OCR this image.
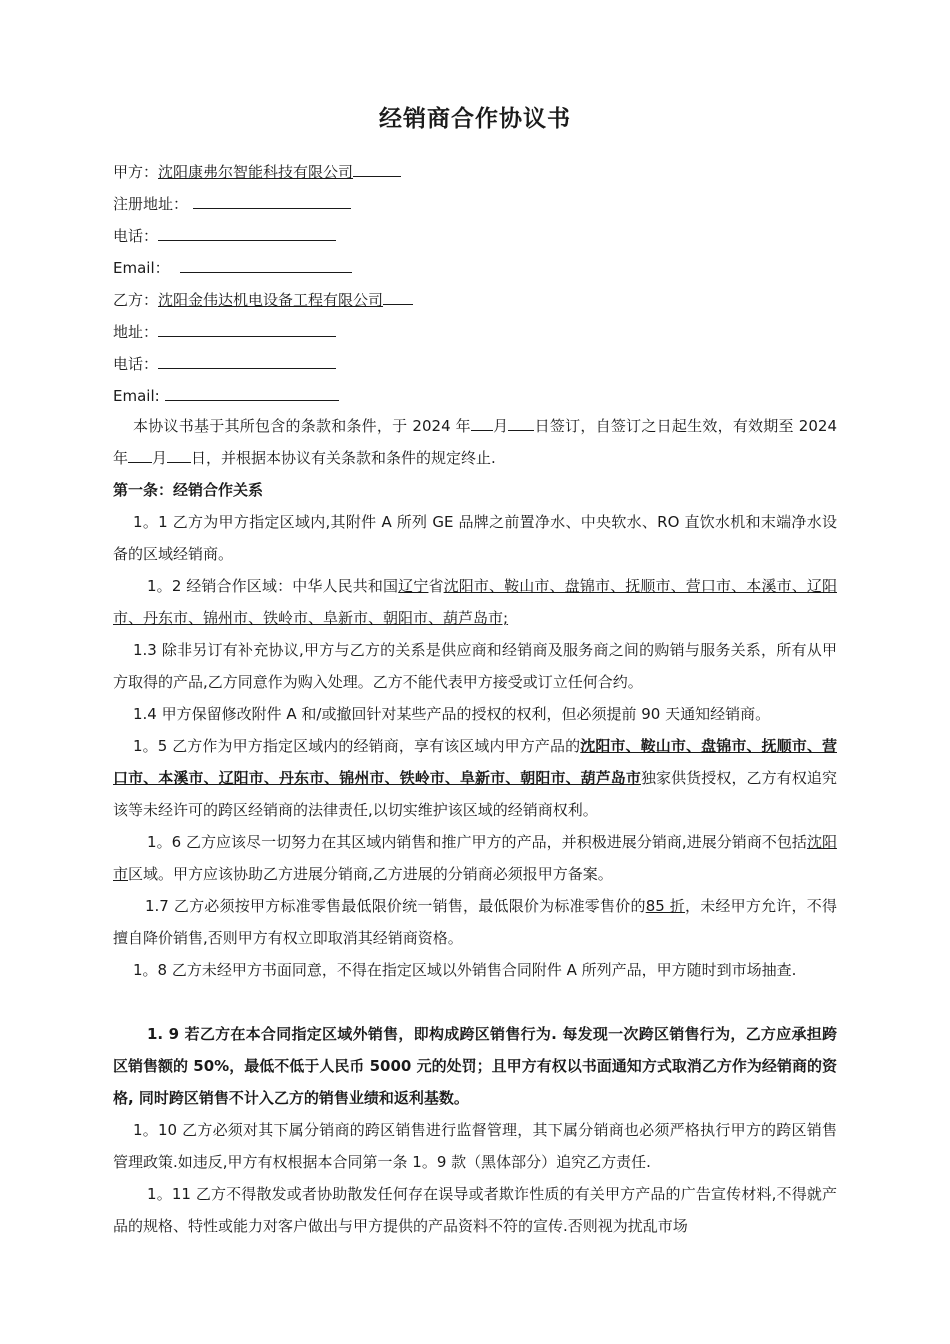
经销商合作协议书
甲方：沈阳康弗尔智能科技有限公司
注册地址：
电话：
Email：
乙方：沈阳金伟达机电设备工程有限公司
地址：
电话：
Email:
本协议书基于其所包含的条款和条件，于 2024 年 月 日签订，自签订之日起生效，有效期至 2024 年 月 日，并根据本协议有关条款和条件的规定终止.
第一条：经销合作关系
1。1 乙方为甲方指定区域内,其附件 A 所列 GE 品牌之前置净水、中央软水、RO 直饮水机和末端净水设备的区域经销商。
1。2 经销合作区域：中华人民共和国辽宁省沈阳市、鞍山市、盘锦市、抚顺市、营口市、本溪市、辽阳市、丹东市、锦州市、铁岭市、阜新市、朝阳市、葫芦岛市;
1.3 除非另订有补充协议,甲方与乙方的关系是供应商和经销商及服务商之间的购销与服务关系，所有从甲方取得的产品,乙方同意作为购入处理。乙方不能代表甲方接受或订立任何合约。
1.4 甲方保留修改附件 A 和/或撤回针对某些产品的授权的权利，但必须提前 90 天通知经销商。
1。5 乙方作为甲方指定区域内的经销商，享有该区域内甲方产品的沈阳市、鞍山市、盘锦市、抚顺市、营口市、本溪市、辽阳市、丹东市、锦州市、铁岭市、阜新市、朝阳市、葫芦岛市独家供货授权，乙方有权追究该等未经许可的跨区经销商的法律责任,以切实维护该区域的经销商权利。
1。6 乙方应该尽一切努力在其区域内销售和推广甲方的产品，并积极进展分销商,进展分销商不包括沈阳市区域。甲方应该协助乙方进展分销商,乙方进展的分销商必须报甲方备案。
1.7 乙方必须按甲方标准零售最低限价统一销售，最低限价为标准零售价的85 折，未经甲方允许，不得擅自降价销售,否则甲方有权立即取消其经销商资格。
1。8 乙方未经甲方书面同意，不得在指定区域以外销售合同附件 A 所列产品，甲方随时到市场抽查.
1. 9 若乙方在本合同指定区域外销售，即构成跨区销售行为. 每发现一次跨区销售行为，乙方应承担跨区销售额的 50%，最低不低于人民币 5000 元的处罚；且甲方有权以书面通知方式取消乙方作为经销商的资格, 同时跨区销售不计入乙方的销售业绩和返利基数。
1。10 乙方必须对其下属分销商的跨区销售进行监督管理，其下属分销商也必须严格执行甲方的跨区销售管理政策.如违反,甲方有权根据本合同第一条 1。9 款（黑体部分）追究乙方责任.
1。11 乙方不得散发或者协助散发任何存在误导或者欺诈性质的有关甲方产品的广告宣传材料,不得就产品的规格、特性或能力对客户做出与甲方提供的产品资料不符的宣传.否则视为扰乱市场
